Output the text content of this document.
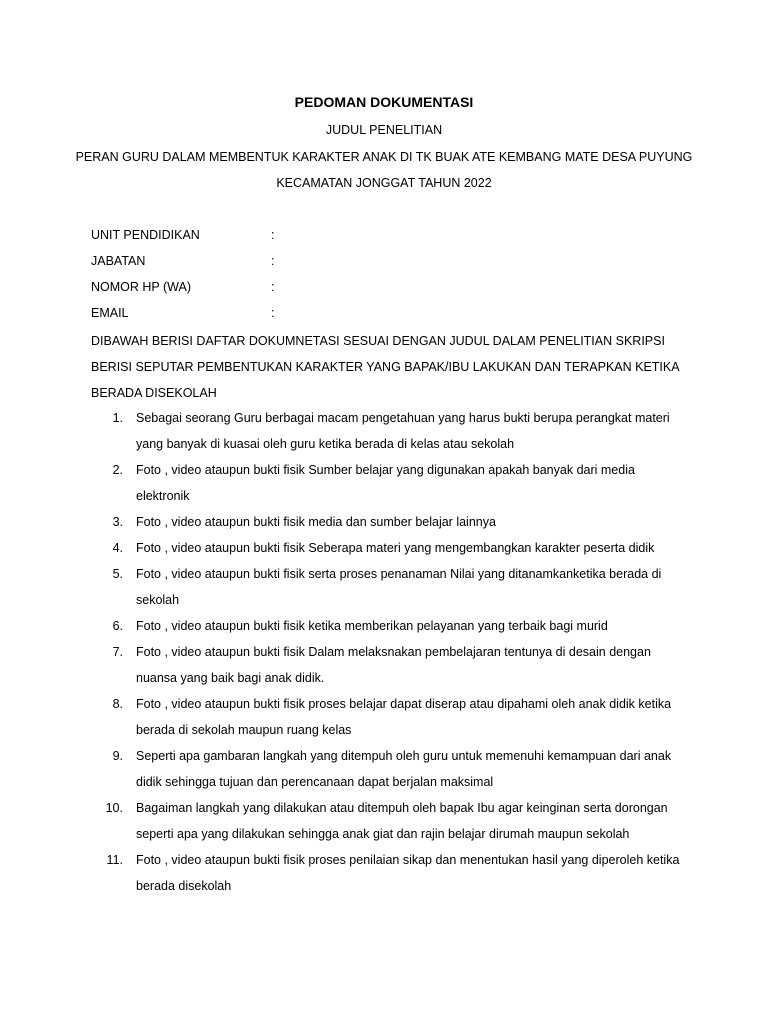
PEDOMAN DOKUMENTASI
JUDUL PENELITIAN
PERAN GURU DALAM MEMBENTUK KARAKTER ANAK DI TK BUAK ATE KEMBANG MATE DESA PUYUNG
KECAMATAN JONGGAT TAHUN 2022
UNIT PENDIDIKAN	:
JABATAN	:
NOMOR HP (WA)	:
EMAIL	:
DIBAWAH BERISI DAFTAR DOKUMNETASI SESUAI DENGAN JUDUL DALAM PENELITIAN SKRIPSI BERISI SEPUTAR PEMBENTUKAN KARAKTER YANG BAPAK/IBU LAKUKAN DAN TERAPKAN KETIKA BERADA DISEKOLAH
1. Sebagai seorang Guru berbagai macam pengetahuan yang harus bukti berupa perangkat materi yang banyak di kuasai oleh guru ketika berada di kelas atau sekolah
2. Foto , video ataupun bukti fisik Sumber belajar yang digunakan apakah banyak dari media elektronik
3. Foto , video ataupun bukti fisik media dan sumber belajar lainnya
4. Foto , video ataupun bukti fisik Seberapa materi yang mengembangkan karakter peserta didik
5. Foto , video ataupun bukti fisik serta proses penanaman Nilai yang ditanamkanketika berada di sekolah
6. Foto , video ataupun bukti fisik ketika memberikan pelayanan yang terbaik bagi murid
7. Foto , video ataupun bukti fisik Dalam melaksnakan pembelajaran tentunya di desain dengan nuansa yang baik bagi anak didik.
8. Foto , video ataupun bukti fisik proses belajar dapat diserap atau dipahami oleh anak didik ketika berada di sekolah maupun ruang kelas
9. Seperti apa gambaran langkah yang ditempuh oleh guru untuk memenuhi kemampuan dari anak didik sehingga tujuan dan perencanaan dapat berjalan maksimal
10. Bagaiman langkah yang dilakukan atau ditempuh oleh bapak Ibu agar keinginan serta dorongan seperti apa yang dilakukan sehingga anak giat dan rajin belajar dirumah maupun sekolah
11. Foto , video ataupun bukti fisik proses penilaian sikap dan menentukan hasil yang diperoleh ketika berada disekolah
